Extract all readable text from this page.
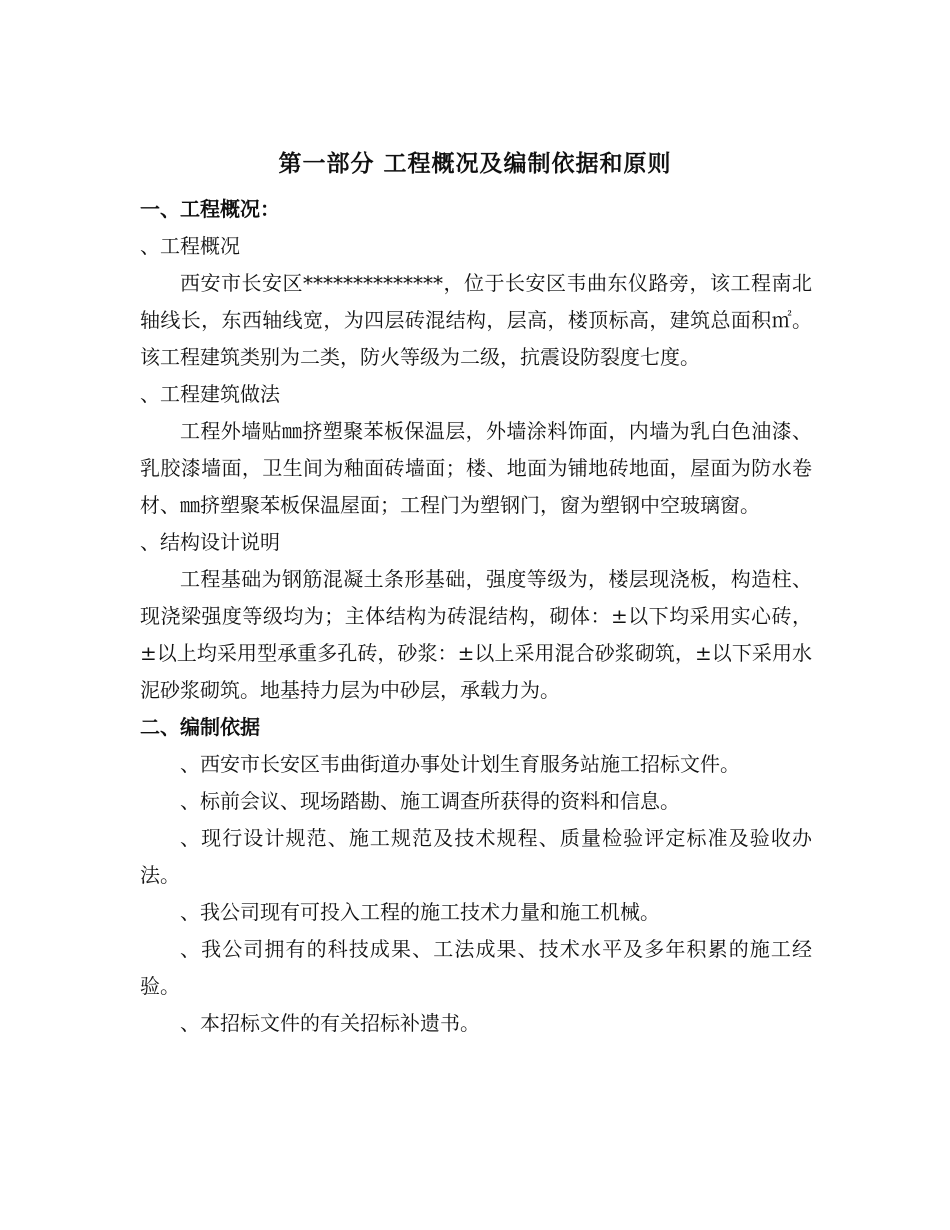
第一部分 工程概况及编制依据和原则

一、工程概况：

、工程概况

西安市长安区**************，位于长安区韦曲东仪路旁，该工程南北轴线长，东西轴线宽，为四层砖混结构，层高，楼顶标高，建筑总面积㎡。该工程建筑类别为二类，防火等级为二级，抗震设防裂度七度。

、工程建筑做法

工程外墙贴㎜挤塑聚苯板保温层，外墙涂料饰面，内墙为乳白色油漆、乳胶漆墙面，卫生间为釉面砖墙面；楼、地面为铺地砖地面，屋面为防水卷材、㎜挤塑聚苯板保温屋面；工程门为塑钢门，窗为塑钢中空玻璃窗。

、结构设计说明

工程基础为钢筋混凝土条形基础，强度等级为，楼层现浇板，构造柱、现浇梁强度等级均为；主体结构为砖混结构，砌体：±以下均采用实心砖，±以上均采用型承重多孔砖，砂浆：±以上采用混合砂浆砌筑，±以下采用水泥砂浆砌筑。地基持力层为中砂层，承载力为。

二、编制依据

、西安市长安区韦曲街道办事处计划生育服务站施工招标文件。

、标前会议、现场踏勘、施工调查所获得的资料和信息。

、现行设计规范、施工规范及技术规程、质量检验评定标准及验收办法。

、我公司现有可投入工程的施工技术力量和施工机械。

、我公司拥有的科技成果、工法成果、技术水平及多年积累的施工经验。

、本招标文件的有关招标补遗书。
